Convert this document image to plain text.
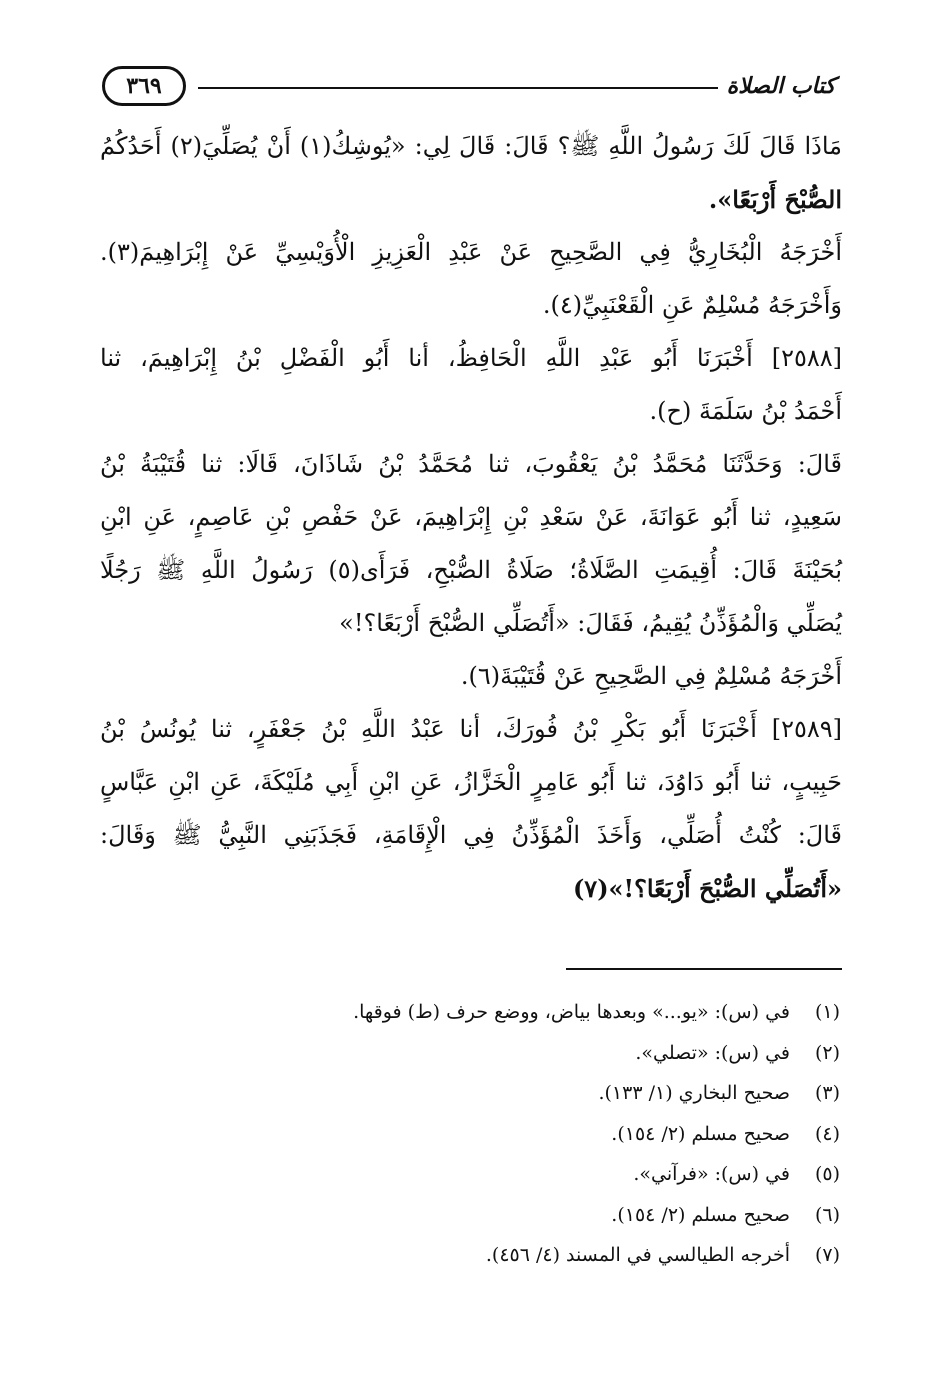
٣٦٩	كتاب الصلاة
مَاذَا قَالَ لَكَ رَسُولُ اللَّهِ ﷺ؟ قَالَ: قَالَ لِي: «يُوشِكُ(١) أَنْ يُصَلِّيَ(٢) أَحَدُكُمُ
الصُّبْحَ أَرْبَعًا».
أَخْرَجَهُ الْبُخَارِيُّ فِي الصَّحِيحِ عَنْ عَبْدِ الْعَزِيزِ الْأُوَيْسِيِّ عَنْ إِبْرَاهِيمَ(٣).
وَأَخْرَجَهُ مُسْلِمٌ عَنِ الْقَعْنَبِيِّ(٤).
[٢٥٨٨] أَخْبَرَنَا أَبُو عَبْدِ اللَّهِ الْحَافِظُ، أنا أَبُو الْفَضْلِ بْنُ إِبْرَاهِيمَ، ثنا
أَحْمَدُ بْنُ سَلَمَةَ (ح).
قَالَ: وَحَدَّثَنَا مُحَمَّدُ بْنُ يَعْقُوبَ، ثنا مُحَمَّدُ بْنُ شَاذَانَ، قَالَا: ثنا قُتَيْبَةُ بْنُ
سَعِيدٍ، ثنا أَبُو عَوَانَةَ، عَنْ سَعْدِ بْنِ إِبْرَاهِيمَ، عَنْ حَفْصِ بْنِ عَاصِمٍ، عَنِ ابْنِ
بُحَيْنَةَ قَالَ: أُقِيمَتِ الصَّلَاةُ؛ صَلَاةُ الصُّبْحِ، فَرَأَى(٥) رَسُولُ اللَّهِ ﷺ رَجُلًا
يُصَلِّي وَالْمُؤَذِّنُ يُقِيمُ، فَقَالَ: «أَتُصَلِّي الصُّبْحَ أَرْبَعًا؟!»
أَخْرَجَهُ مُسْلِمٌ فِي الصَّحِيحِ عَنْ قُتَيْبَةَ(٦).
[٢٥٨٩] أَخْبَرَنَا أَبُو بَكْرِ بْنُ فُورَكَ، أنا عَبْدُ اللَّهِ بْنُ جَعْفَرٍ، ثنا يُونُسُ بْنُ
حَبِيبٍ، ثنا أَبُو دَاوُدَ، ثنا أَبُو عَامِرٍ الْخَزَّازُ، عَنِ ابْنِ أَبِي مُلَيْكَةَ، عَنِ ابْنِ عَبَّاسٍ
قَالَ: كُنْتُ أُصَلِّي، وَأَخَذَ الْمُؤَذِّنُ فِي الْإِقَامَةِ، فَجَذَبَنِي النَّبِيُّ ﷺ وَقَالَ:
«أَتُصَلِّي الصُّبْحَ أَرْبَعًا؟!»(٧)
(١)في (س): «يو...» وبعدها بياض، ووضع حرف (ط) فوقها.
(٢)في (س): «تصلي».
(٣)صحيح البخاري (١/ ١٣٣).
(٤)صحيح مسلم (٢/ ١٥٤).
(٥)في (س): «فرآني».
(٦)صحيح مسلم (٢/ ١٥٤).
(٧)أخرجه الطيالسي في المسند (٤/ ٤٥٦).
